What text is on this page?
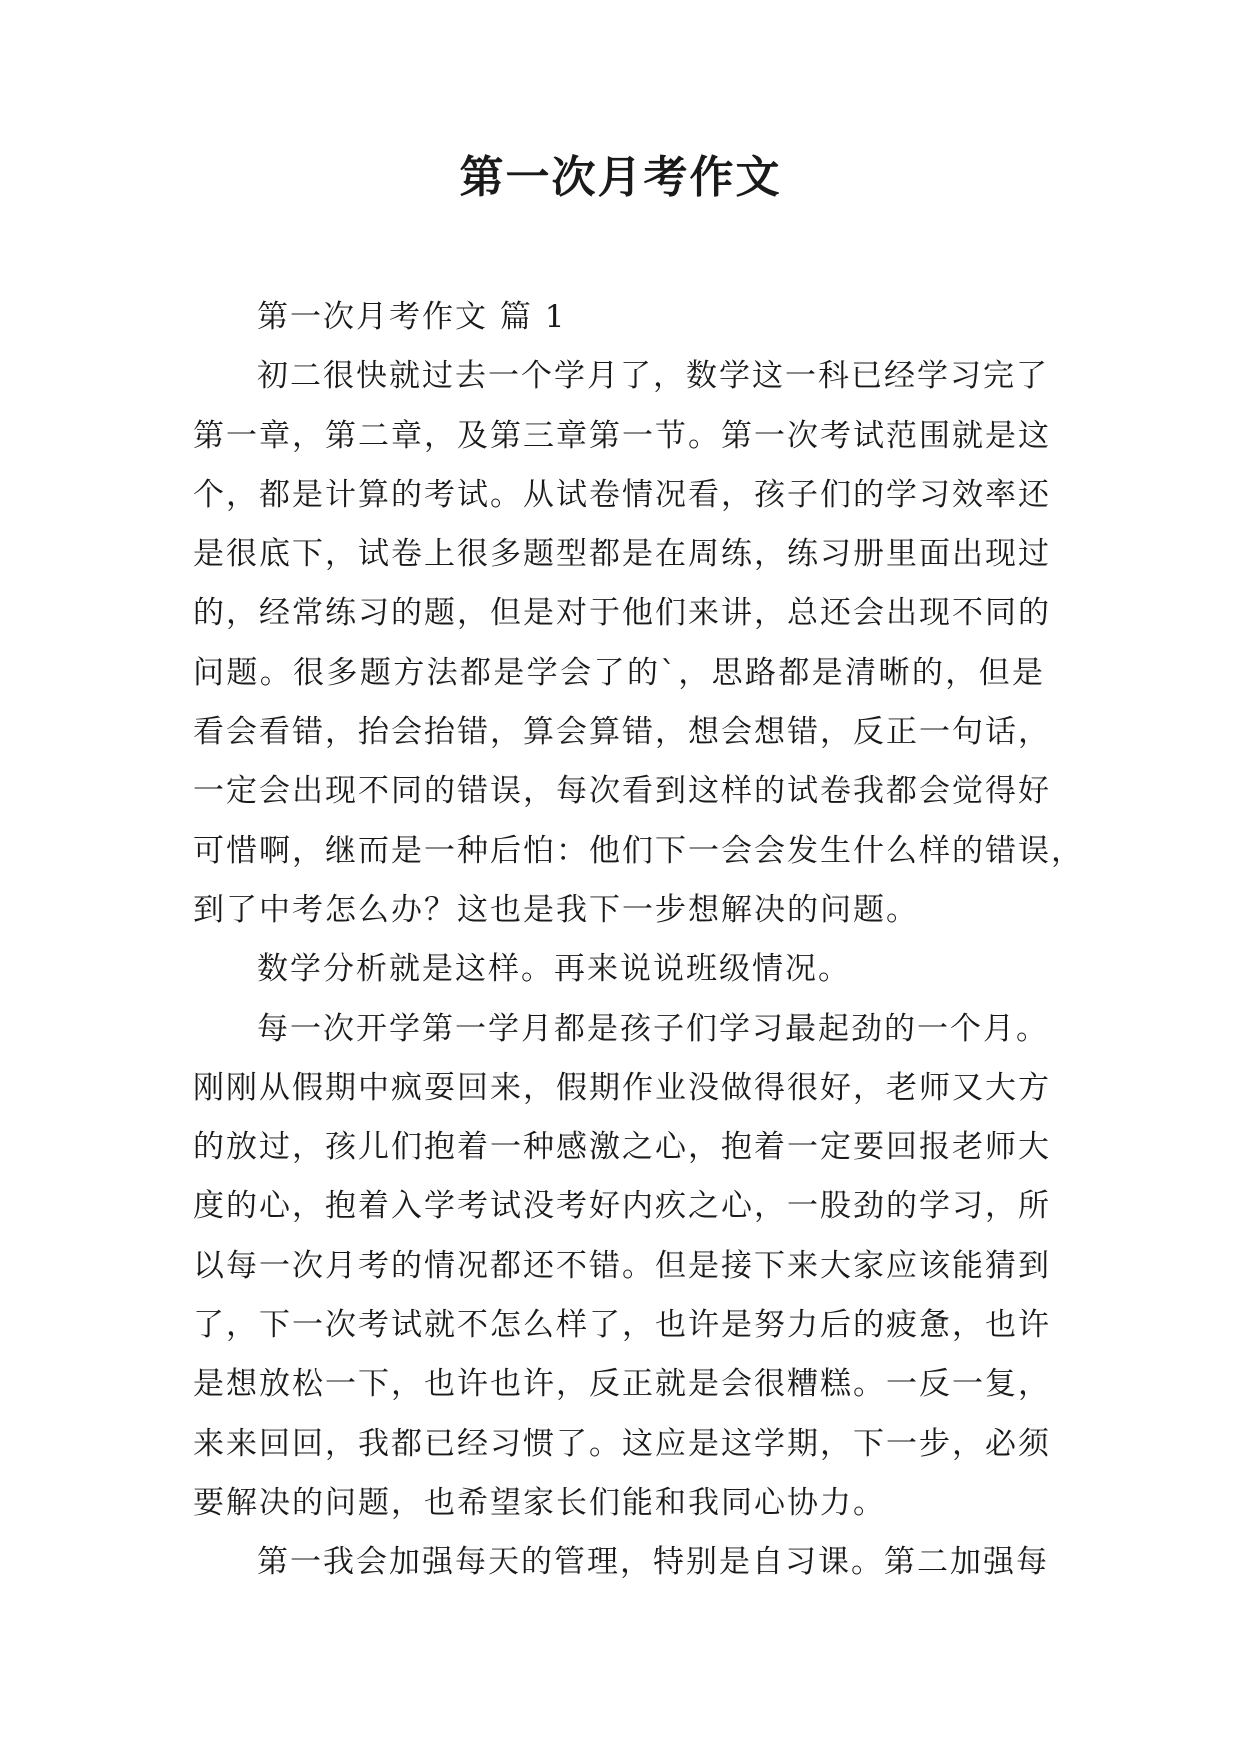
第一次月考作文
第一次月考作文 篇 1
初二很快就过去一个学月了，数学这一科已经学习完了
第一章，第二章，及第三章第一节。第一次考试范围就是这
个，都是计算的考试。从试卷情况看，孩子们的学习效率还
是很底下，试卷上很多题型都是在周练，练习册里面出现过
的，经常练习的题，但是对于他们来讲，总还会出现不同的
问题。很多题方法都是学会了的`，思路都是清晰的，但是
看会看错，抬会抬错，算会算错，想会想错，反正一句话，
一定会出现不同的错误，每次看到这样的试卷我都会觉得好
可惜啊，继而是一种后怕：他们下一会会发生什么样的错误，
到了中考怎么办？这也是我下一步想解决的问题。
数学分析就是这样。再来说说班级情况。
每一次开学第一学月都是孩子们学习最起劲的一个月。
刚刚从假期中疯耍回来，假期作业没做得很好，老师又大方
的放过，孩儿们抱着一种感激之心，抱着一定要回报老师大
度的心，抱着入学考试没考好内疚之心，一股劲的学习，所
以每一次月考的情况都还不错。但是接下来大家应该能猜到
了，下一次考试就不怎么样了，也许是努力后的疲惫，也许
是想放松一下，也许也许，反正就是会很糟糕。一反一复，
来来回回，我都已经习惯了。这应是这学期，下一步，必须
要解决的问题，也希望家长们能和我同心协力。
第一我会加强每天的管理，特别是自习课。第二加强每
